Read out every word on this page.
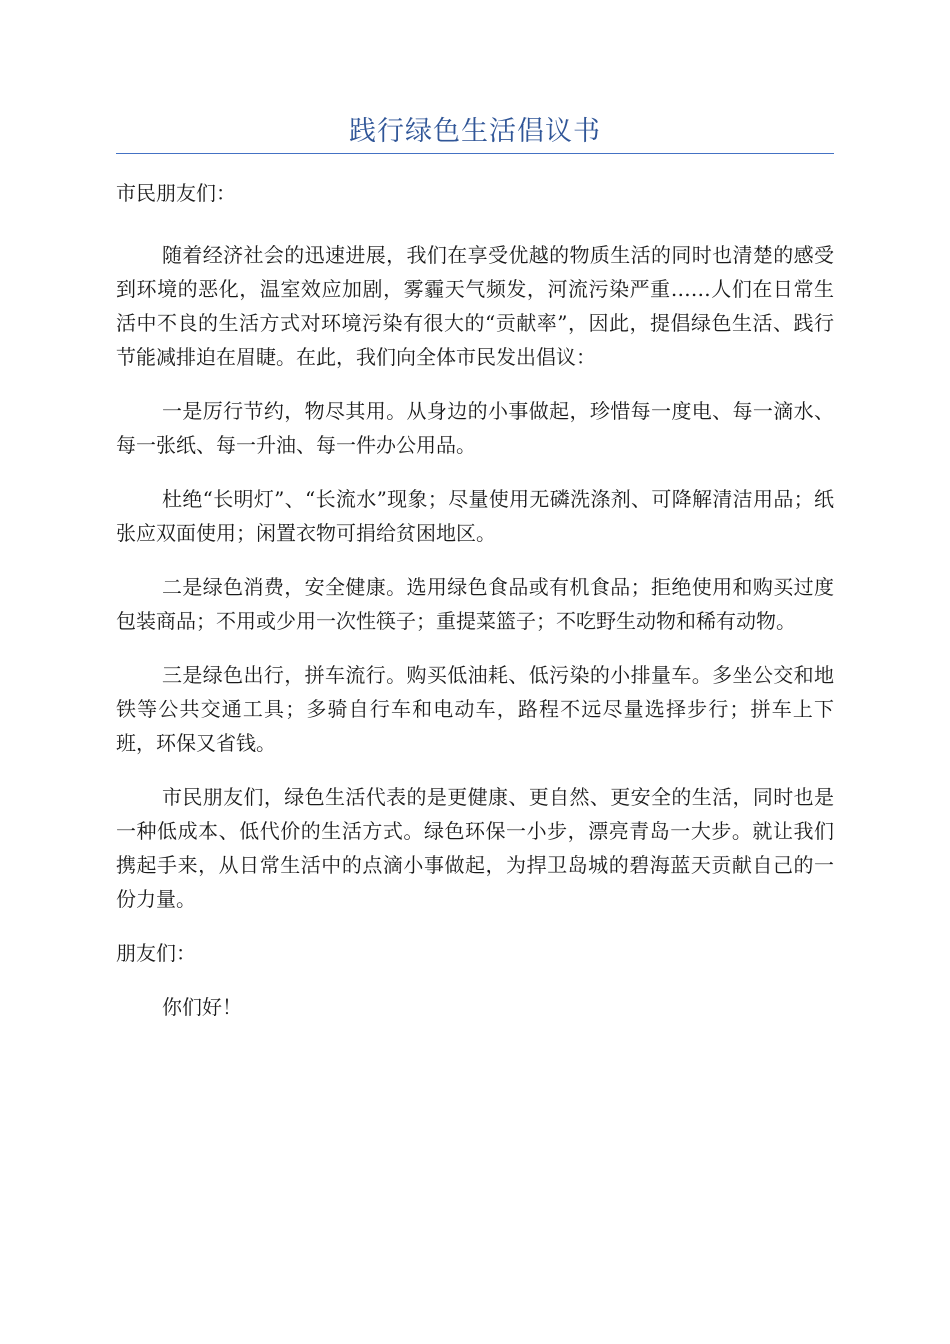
践行绿色生活倡议书

市民朋友们：

随着经济社会的迅速进展，我们在享受优越的物质生活的同时也清楚的感受到环境的恶化，温室效应加剧，雾霾天气频发，河流污染严重……人们在日常生活中不良的生活方式对环境污染有很大的“贡献率”，因此，提倡绿色生活、践行节能减排迫在眉睫。在此，我们向全体市民发出倡议：

一是厉行节约，物尽其用。从身边的小事做起，珍惜每一度电、每一滴水、每一张纸、每一升油、每一件办公用品。

杜绝“长明灯”、“长流水”现象；尽量使用无磷洗涤剂、可降解清洁用品；纸张应双面使用；闲置衣物可捐给贫困地区。

二是绿色消费，安全健康。选用绿色食品或有机食品；拒绝使用和购买过度包装商品；不用或少用一次性筷子；重提菜篮子；不吃野生动物和稀有动物。

三是绿色出行，拼车流行。购买低油耗、低污染的小排量车。多坐公交和地铁等公共交通工具；多骑自行车和电动车，路程不远尽量选择步行；拼车上下班，环保又省钱。

市民朋友们，绿色生活代表的是更健康、更自然、更安全的生活，同时也是一种低成本、低代价的生活方式。绿色环保一小步，漂亮青岛一大步。就让我们携起手来，从日常生活中的点滴小事做起，为捍卫岛城的碧海蓝天贡献自己的一份力量。

朋友们：

你们好！
